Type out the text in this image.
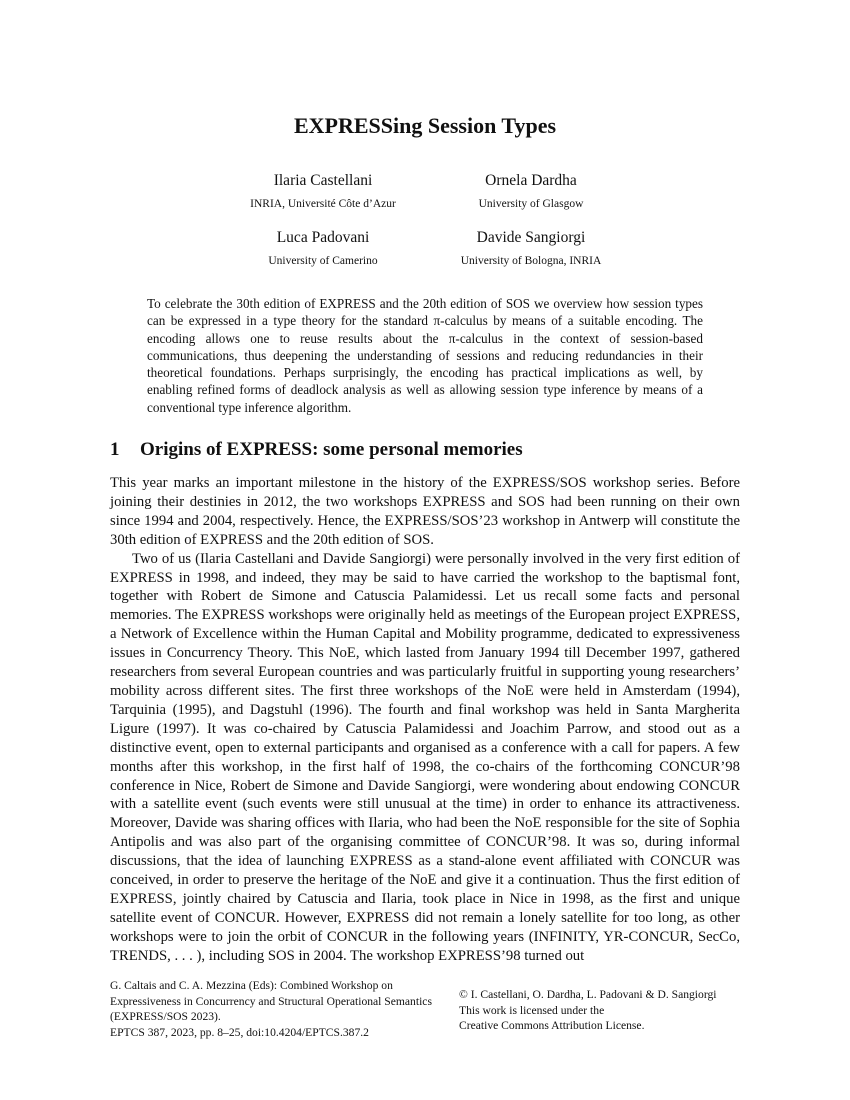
EXPRESSing Session Types
Ilaria Castellani
INRIA, Université Côte d’Azur
Ornela Dardha
University of Glasgow
Luca Padovani
University of Camerino
Davide Sangiorgi
University of Bologna, INRIA
To celebrate the 30th edition of EXPRESS and the 20th edition of SOS we overview how session types can be expressed in a type theory for the standard π-calculus by means of a suitable encoding. The encoding allows one to reuse results about the π-calculus in the context of session-based communications, thus deepening the understanding of sessions and reducing redundancies in their theoretical foundations. Perhaps surprisingly, the encoding has practical implications as well, by enabling refined forms of deadlock analysis as well as allowing session type inference by means of a conventional type inference algorithm.
1 Origins of EXPRESS: some personal memories

This year marks an important milestone in the history of the EXPRESS/SOS workshop series. Before joining their destinies in 2012, the two workshops EXPRESS and SOS had been running on their own since 1994 and 2004, respectively. Hence, the EXPRESS/SOS’23 workshop in Antwerp will constitute the 30th edition of EXPRESS and the 20th edition of SOS.

Two of us (Ilaria Castellani and Davide Sangiorgi) were personally involved in the very first edition of EXPRESS in 1998, and indeed, they may be said to have carried the workshop to the baptismal font, together with Robert de Simone and Catuscia Palamidessi. Let us recall some facts and personal memories. The EXPRESS workshops were originally held as meetings of the European project EXPRESS, a Network of Excellence within the Human Capital and Mobility programme, dedicated to expressiveness issues in Concurrency Theory. This NoE, which lasted from January 1994 till December 1997, gathered researchers from several European countries and was particularly fruitful in supporting young researchers’ mobility across different sites. The first three workshops of the NoE were held in Amsterdam (1994), Tarquinia (1995), and Dagstuhl (1996). The fourth and final workshop was held in Santa Margherita Ligure (1997). It was co-chaired by Catuscia Palamidessi and Joachim Parrow, and stood out as a distinctive event, open to external participants and organised as a conference with a call for papers. A few months after this workshop, in the first half of 1998, the co-chairs of the forthcoming CONCUR’98 conference in Nice, Robert de Simone and Davide Sangiorgi, were wondering about endowing CONCUR with a satellite event (such events were still unusual at the time) in order to enhance its attractiveness. Moreover, Davide was sharing offices with Ilaria, who had been the NoE responsible for the site of Sophia Antipolis and was also part of the organising committee of CONCUR’98. It was so, during informal discussions, that the idea of launching EXPRESS as a stand-alone event affiliated with CONCUR was conceived, in order to preserve the heritage of the NoE and give it a continuation. Thus the first edition of EXPRESS, jointly chaired by Catuscia and Ilaria, took place in Nice in 1998, as the first and unique satellite event of CONCUR. However, EXPRESS did not remain a lonely satellite for too long, as other workshops were to join the orbit of CONCUR in the following years (INFINITY, YR-CONCUR, SecCo, TRENDS, . . . ), including SOS in 2004. The workshop EXPRESS’98 turned out

G. Caltais and C. A. Mezzina (Eds): Combined Workshop on
Expressiveness in Concurrency and Structural Operational Semantics
(EXPRESS/SOS 2023).
EPTCS 387, 2023, pp. 8–25, doi:10.4204/EPTCS.387.2
© I. Castellani, O. Dardha, L. Padovani & D. Sangiorgi
This work is licensed under the
Creative Commons Attribution License.
